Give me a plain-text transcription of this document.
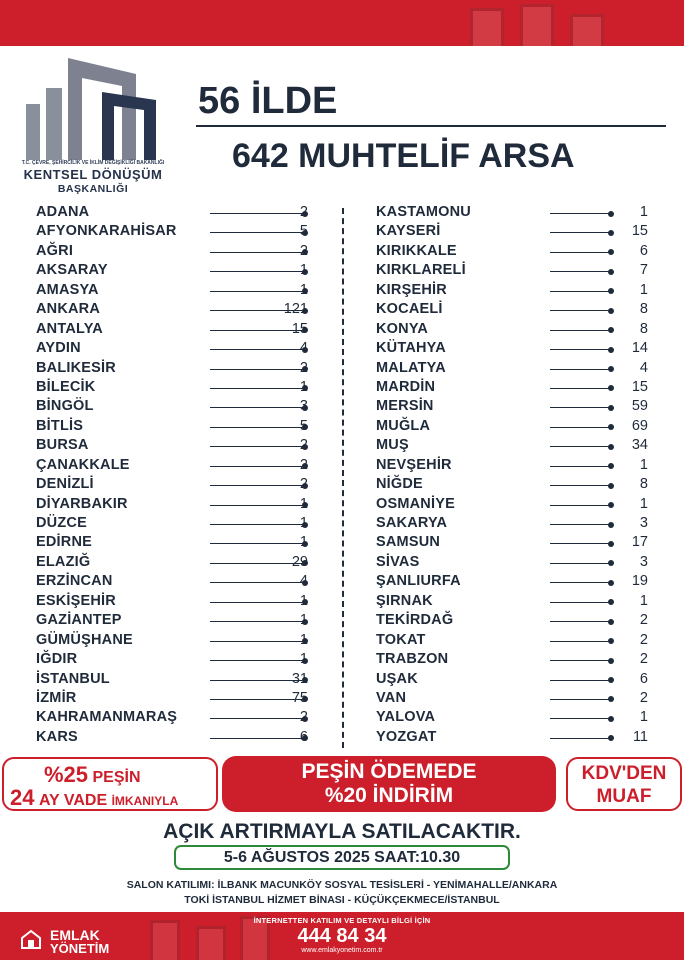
T.C. ÇEVRE, ŞEHİRCİLİK VE İKLİM DEĞİŞİKLİĞİ BAKANLIĞI
KENTSEL DÖNÜŞÜM
BAŞKANLIĞI
56 İLDE
642 MUHTELİF ARSA
ADANA	2
AFYONKARAHİSAR	5
AĞRI	2
AKSARAY	1
AMASYA	1
ANKARA	121
ANTALYA	15
AYDIN	4
BALIKESİR	2
BİLECİK	1
BİNGÖL	3
BİTLİS	5
BURSA	2
ÇANAKKALE	2
DENİZLİ	2
DİYARBAKIR	1
DÜZCE	1
EDİRNE	1
ELAZIĞ	29
ERZİNCAN	4
ESKİŞEHİR	1
GAZİANTEP	1
GÜMÜŞHANE	1
IĞDIR	1
İSTANBUL	31
İZMİR	75
KAHRAMANMARAŞ	2
KARS	6
KASTAMONU	1
KAYSERİ	15
KIRIKKALE	6
KIRKLARELİ	7
KIRŞEHİR	1
KOCAELİ	8
KONYA	8
KÜTAHYA	14
MALATYA	4
MARDİN	15
MERSİN	59
MUĞLA	69
MUŞ	34
NEVŞEHİR	1
NİĞDE	8
OSMANİYE	1
SAKARYA	3
SAMSUN	17
SİVAS	3
ŞANLIURFA	19
ŞIRNAK	1
TEKİRDAĞ	2
TOKAT	2
TRABZON	2
UŞAK	6
VAN	2
YALOVA	1
YOZGAT	11
%25 PEŞİN
24 AY VADE İMKANIYLA
PEŞİN ÖDEMEDE
%20 İNDİRİM
KDV'DEN
MUAF
AÇIK ARTIRMAYLA SATILACAKTIR.
5-6 AĞUSTOS 2025 SAAT:10.30
SALON KATILIMI: İLBANK MACUNKÖY SOSYAL TESİSLERİ - YENİMAHALLE/ANKARA
TOKİ İSTANBUL HİZMET BİNASI - KÜÇÜKÇEKMECE/İSTANBUL
EMLAK
YÖNETİM
İNTERNETTEN KATILIM VE DETAYLI BİLGİ İÇİN
444 84 34
www.emlakyonetim.com.tr
